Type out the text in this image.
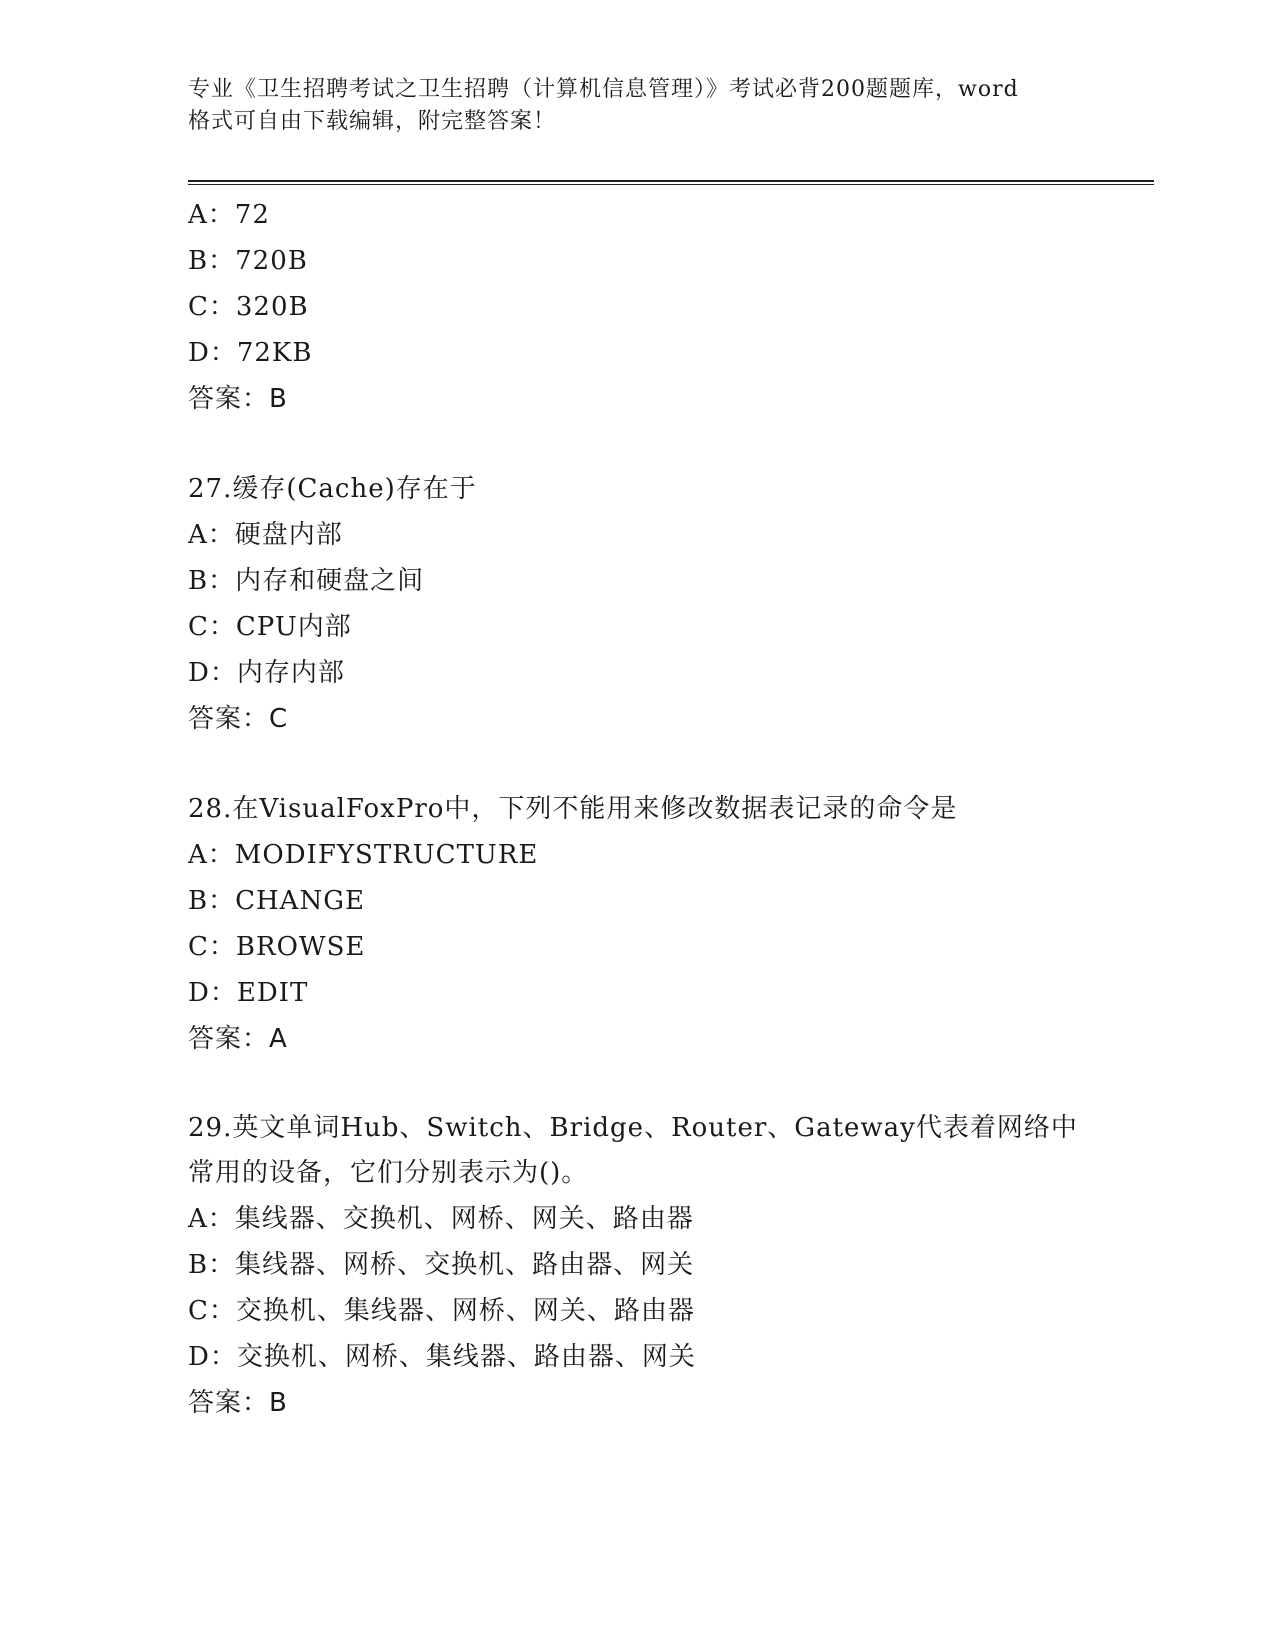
专业《卫生招聘考试之卫生招聘（计算机信息管理）》考试必背200题题库，word
格式可自由下载编辑，附完整答案！
A：72
B：720B
C：320B
D：72KB
答案：B
27.缓存(Cache)存在于
A：硬盘内部
B：内存和硬盘之间
C：CPU内部
D：内存内部
答案：C
28.在VisualFoxPro中，下列不能用来修改数据表记录的命令是
A：MODIFYSTRUCTURE
B：CHANGE
C：BROWSE
D：EDIT
答案：A
29.英文单词Hub、Switch、Bridge、Router、Gateway代表着网络中
常用的设备，它们分别表示为()。
A：集线器、交换机、网桥、网关、路由器
B：集线器、网桥、交换机、路由器、网关
C：交换机、集线器、网桥、网关、路由器
D：交换机、网桥、集线器、路由器、网关
答案：B
